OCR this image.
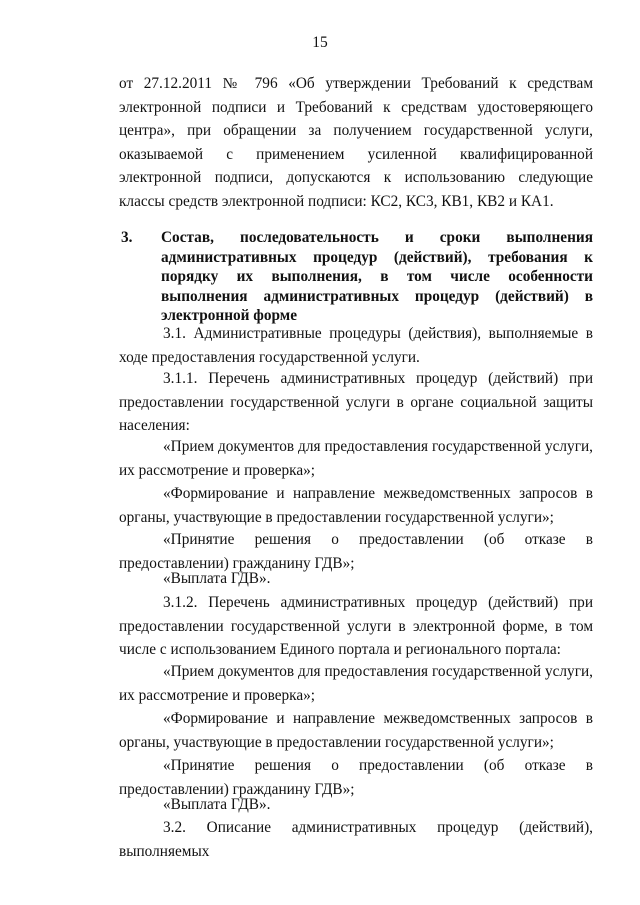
15
от 27.12.2011 № 796 «Об утверждении Требований к средствам электронной подписи и Требований к средствам удостоверяющего центра», при обращении за получением государственной услуги, оказываемой с применением усиленной квалифицированной электронной подписи, допускаются к использованию следующие классы средств электронной подписи: КС2, КС3, КВ1, КВ2 и КА1.
3. Состав, последовательность и сроки выполнения административных процедур (действий), требования к порядку их выполнения, в том числе особенности выполнения административных процедур (действий) в электронной форме
3.1. Административные процедуры (действия), выполняемые в ходе предоставления государственной услуги.
3.1.1. Перечень административных процедур (действий) при предоставлении государственной услуги в органе социальной защиты населения:
«Прием документов для предоставления государственной услуги, их рассмотрение и проверка»;
«Формирование и направление межведомственных запросов в органы, участвующие в предоставлении государственной услуги»;
«Принятие решения о предоставлении (об отказе в предоставлении) гражданину ГДВ»;
«Выплата ГДВ».
3.1.2. Перечень административных процедур (действий) при предоставлении государственной услуги в электронной форме, в том числе с использованием Единого портала и регионального портала:
«Прием документов для предоставления государственной услуги, их рассмотрение и проверка»;
«Формирование и направление межведомственных запросов в органы, участвующие в предоставлении государственной услуги»;
«Принятие решения о предоставлении (об отказе в предоставлении) гражданину ГДВ»;
«Выплата ГДВ».
3.2. Описание административных процедур (действий), выполняемых
